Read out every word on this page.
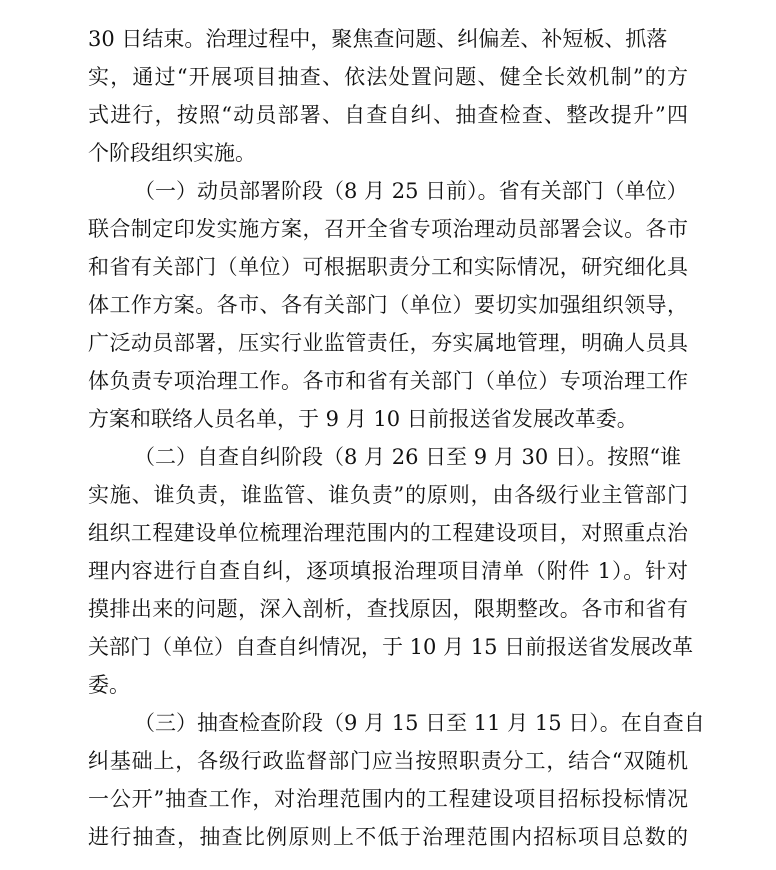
30 日结束。治理过程中，聚焦查问题、纠偏差、补短板、抓落
实，通过“开展项目抽查、依法处置问题、健全长效机制”的方
式进行，按照“动员部署、自查自纠、抽查检查、整改提升”四
个阶段组织实施。
（一）动员部署阶段（8 月 25 日前）。省有关部门（单位）
联合制定印发实施方案，召开全省专项治理动员部署会议。各市
和省有关部门（单位）可根据职责分工和实际情况，研究细化具
体工作方案。各市、各有关部门（单位）要切实加强组织领导，
广泛动员部署，压实行业监管责任，夯实属地管理，明确人员具
体负责专项治理工作。各市和省有关部门（单位）专项治理工作
方案和联络人员名单，于 9 月 10 日前报送省发展改革委。
（二）自查自纠阶段（8 月 26 日至 9 月 30 日）。按照“谁
实施、谁负责，谁监管、谁负责”的原则，由各级行业主管部门
组织工程建设单位梳理治理范围内的工程建设项目，对照重点治
理内容进行自查自纠，逐项填报治理项目清单（附件 1）。针对
摸排出来的问题，深入剖析，查找原因，限期整改。各市和省有
关部门（单位）自查自纠情况，于 10 月 15 日前报送省发展改革
委。
（三）抽查检查阶段（9 月 15 日至 11 月 15 日）。在自查自
纠基础上，各级行政监督部门应当按照职责分工，结合“双随机
一公开”抽查工作，对治理范围内的工程建设项目招标投标情况
进行抽查，抽查比例原则上不低于治理范围内招标项目总数的
